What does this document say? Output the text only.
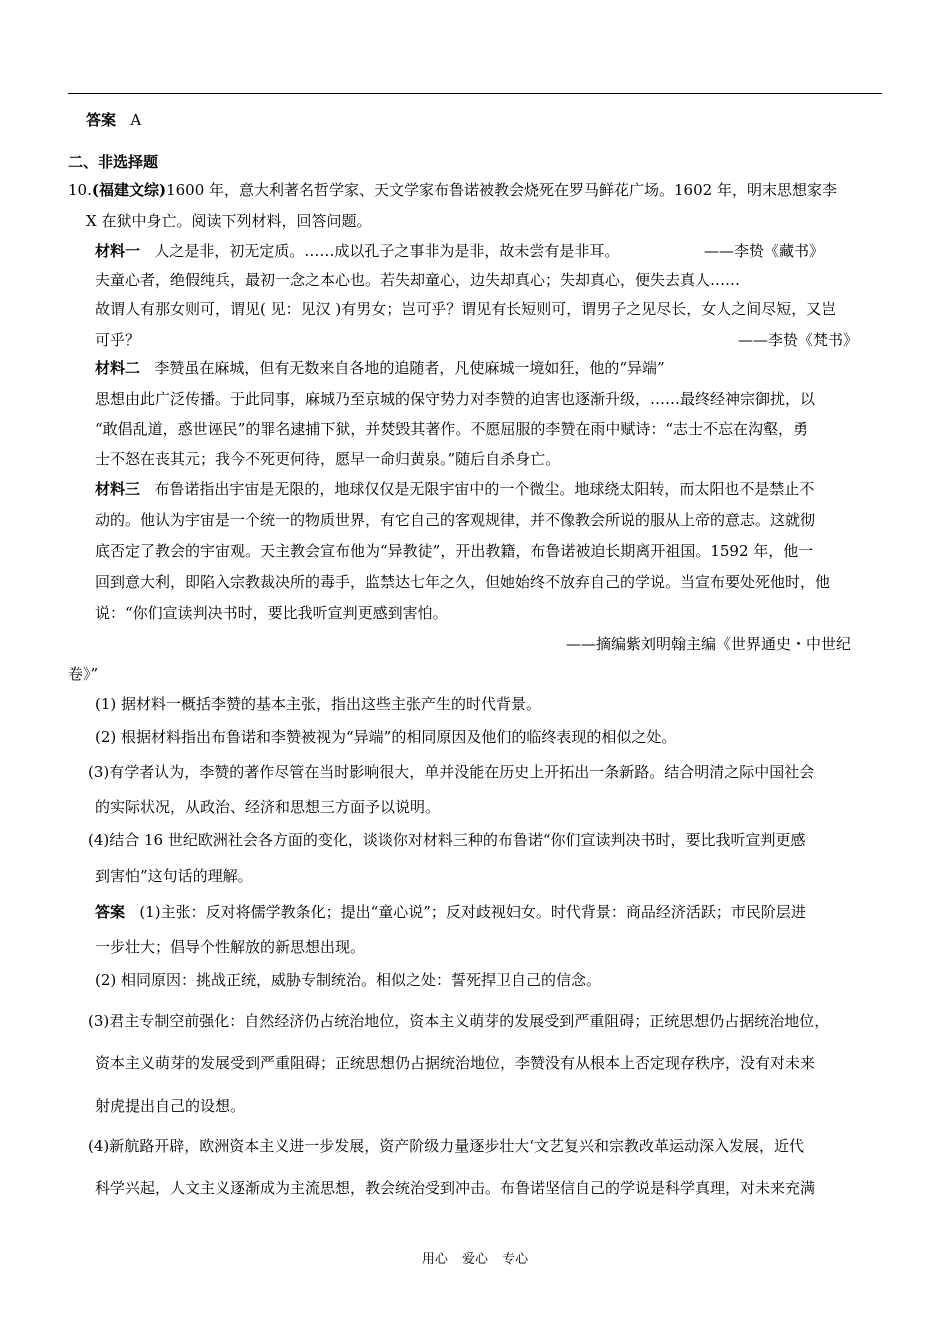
答案 A
二、非选择题
10.(福建文综)1600 年，意大利著名哲学家、天文学家布鲁诺被教会烧死在罗马鲜花广场。1602 年，明末思想家李
X 在狱中身亡。阅读下列材料，回答问题。
材料一 人之是非，初无定质。……成以孔子之事非为是非，故未尝有是非耳。	——李贽《藏书》
夫童心者，绝假纯兵，最初一念之本心也。若失却童心，边失却真心；失却真心，便失去真人……
故谓人有那女则可，谓见( 见：见汉 )有男女；岂可乎？谓见有长短则可，谓男子之见尽长，女人之间尽短，又岂
可乎？	——李贽《梵书》
材料二 李赞虽在麻城，但有无数来自各地的追随者，凡使麻城一境如狂，他的“异端”
思想由此广泛传播。于此同事，麻城乃至京城的保守势力对李赞的迫害也逐渐升级，……最终经神宗御扰，以
“敢倡乱道，惑世诬民”的罪名逮捕下狱，并焚毁其著作。不愿屈服的李赞在雨中赋诗：“志士不忘在沟壑，勇
士不怒在丧其元；我今不死更何待，愿早一命归黄泉。”随后自杀身亡。
材料三 布鲁诺指出宇宙是无限的，地球仅仅是无限宇宙中的一个微尘。地球绕太阳转，而太阳也不是禁止不
动的。他认为宇宙是一个统一的物质世界，有它自己的客观规律，并不像教会所说的服从上帝的意志。这就彻
底否定了教会的宇宙观。天主教会宣布他为“异教徒”，开出教籍，布鲁诺被迫长期离开祖国。1592 年，他一
回到意大利，即陷入宗教裁决所的毒手，监禁达七年之久，但她始终不放弃自己的学说。当宣布要处死他时，他
说：“你们宣读判决书时，要比我听宣判更感到害怕。
——摘编紫刘明翰主编《世界通史・中世纪
卷》”
(1) 据材料一概括李赞的基本主张，指出这些主张产生的时代背景。
(2) 根据材料指出布鲁诺和李赞被视为“异端”的相同原因及他们的临终表现的相似之处。
(3)有学者认为，李赞的著作尽管在当时影响很大，单并没能在历史上开拓出一条新路。结合明清之际中国社会
的实际状况，从政治、经济和思想三方面予以说明。
(4)结合 16 世纪欧洲社会各方面的变化，谈谈你对材料三种的布鲁诺“你们宣读判决书时，要比我听宣判更感
到害怕”这句话的理解。
答案 (1)主张：反对将儒学教条化；提出“童心说”；反对歧视妇女。时代背景：商品经济活跃；市民阶层进
一步壮大；倡导个性解放的新思想出现。
(2) 相同原因：挑战正统，威胁专制统治。相似之处：誓死捍卫自己的信念。
(3)君主专制空前强化：自然经济仍占统治地位，资本主义萌芽的发展受到严重阻碍；正统思想仍占据统治地位，
资本主义萌芽的发展受到严重阻碍；正统思想仍占据统治地位，李赞没有从根本上否定现存秩序，没有对未来
射虎提出自己的设想。
(4)新航路开辟，欧洲资本主义进一步发展，资产阶级力量逐步壮大‘文艺复兴和宗教改革运动深入发展，近代
科学兴起，人文主义逐渐成为主流思想，教会统治受到冲击。布鲁诺坚信自己的学说是科学真理，对未来充满
用心 爱心 专心
